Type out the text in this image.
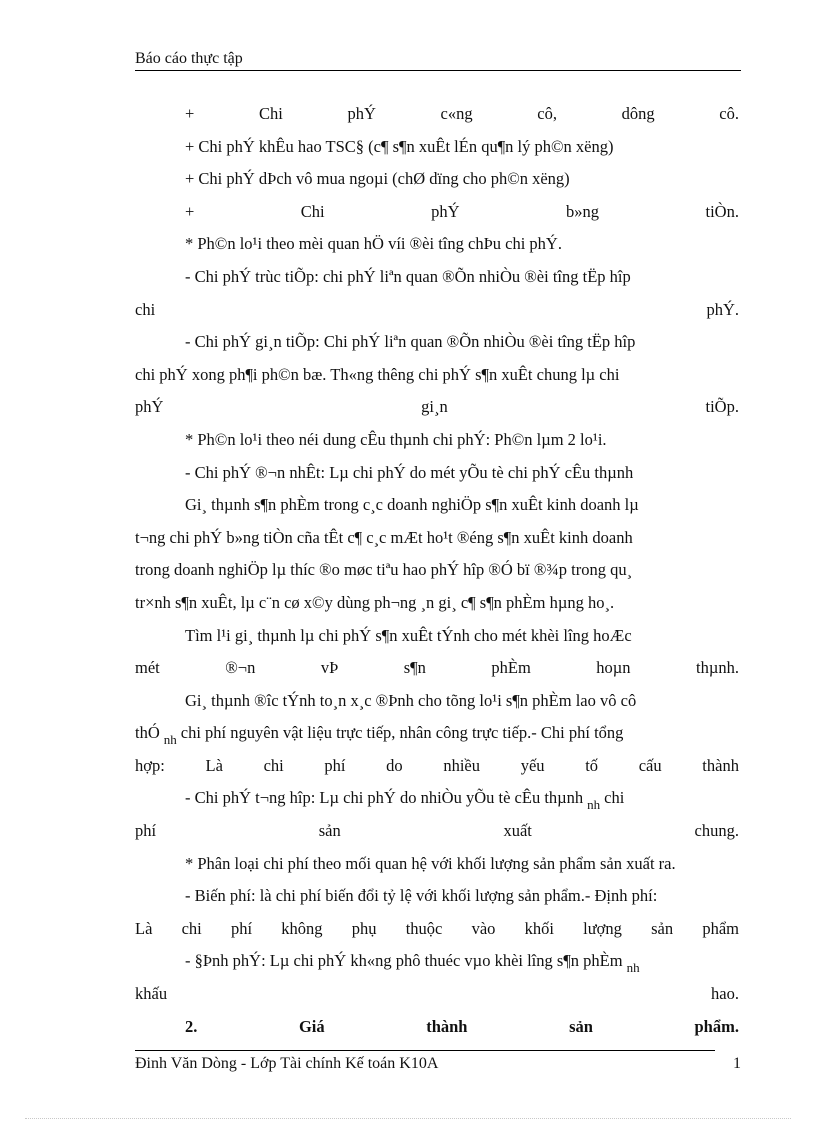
Báo cáo thực tập
+	Chi	phÝ	c«ng	cô,	dông	cô.
+ Chi phÝ khÊu hao TSC§ (c¶ s¶n xuÊt lÉn qu¶n lý ph©n xëng)
+ Chi phÝ dÞch vô mua ngoµi (chØ dïng cho ph©n xëng)
+	Chi	phÝ	b»ng	tiÒn.
* Ph©n lo¹i theo mèi quan hÖ víi ®èi tîng chÞu chi phÝ.
- Chi phÝ trùc tiÕp: chi phÝ liªn quan ®Õn nhiÒu ®èi tîng tËp hîp
chi	phÝ.
- Chi phÝ gi¸n tiÕp: Chi phÝ liªn quan ®Õn nhiÒu ®èi tîng tËp hîp
chi phÝ xong ph¶i ph©n bæ. Th«ng thêng chi phÝ s¶n xuÊt chung lµ chi
phÝ	gi¸n	tiÕp.
* Ph©n lo¹i theo néi dung cÊu thµnh chi phÝ: Ph©n lµm 2 lo¹i.
- Chi phÝ ®¬n nhÊt: Lµ chi phÝ do mét yÕu tè chi phÝ cÊu thµnh
Gi¸ thµnh s¶n phÈm trong c¸c doanh nghiÖp s¶n xuÊt kinh doanh lµ
t¬ng chi phÝ b»ng tiÒn cña tÊt c¶ c¸c mÆt ho¹t ®éng s¶n xuÊt kinh doanh
trong doanh nghiÖp lµ thíc ®o møc tiªu hao phÝ hîp ®Ó bï ®¾p trong qu¸
tr×nh s¶n xuÊt, lµ c¨n cø x©y dùng ph¬ng ¸n gi¸ c¶ s¶n phÈm hµng ho¸.
Tìm l¹i gi¸ thµnh lµ chi phÝ s¶n xuÊt tÝnh cho mét khèi lîng hoÆc
mét	®¬n	vÞ	s¶n	phÈm	hoµn	thµnh.
Gi¸ thµnh ®îc tÝnh to¸n x¸c ®Þnh cho tõng lo¹i s¶n phÈm lao vô cô
thÓ $_{nh}$ chi phí nguyên vật liệu trực tiếp, nhân công trực tiếp.- Chi phí tổng
hợp: Là chi phí do nhiều yếu tố cấu thành
- Chi phÝ t¬ng hîp: Lµ chi phÝ do nhiÒu yÕu tè cÊu thµnh $_{nh}$ chi
phí	sản	xuất	chung.
* Phân loại chi phí theo mối quan hệ với khối lượng sản phẩm sản xuất ra.
- Biến phí: là chi phí biến đổi tỷ lệ với khối lượng sản phẩm.- Định phí:
Là chi phí không phụ thuộc vào khối lượng sản phẩm
- §Þnh phÝ: Lµ chi phÝ kh«ng phô thuéc vµo khèi lîng s¶n phÈm $_{nh}$
khấu	hao.
2.	Giá	thành	sản	phẩm.
Đinh Văn Dòng - Lớp Tài chính Kế toán K10A	1
